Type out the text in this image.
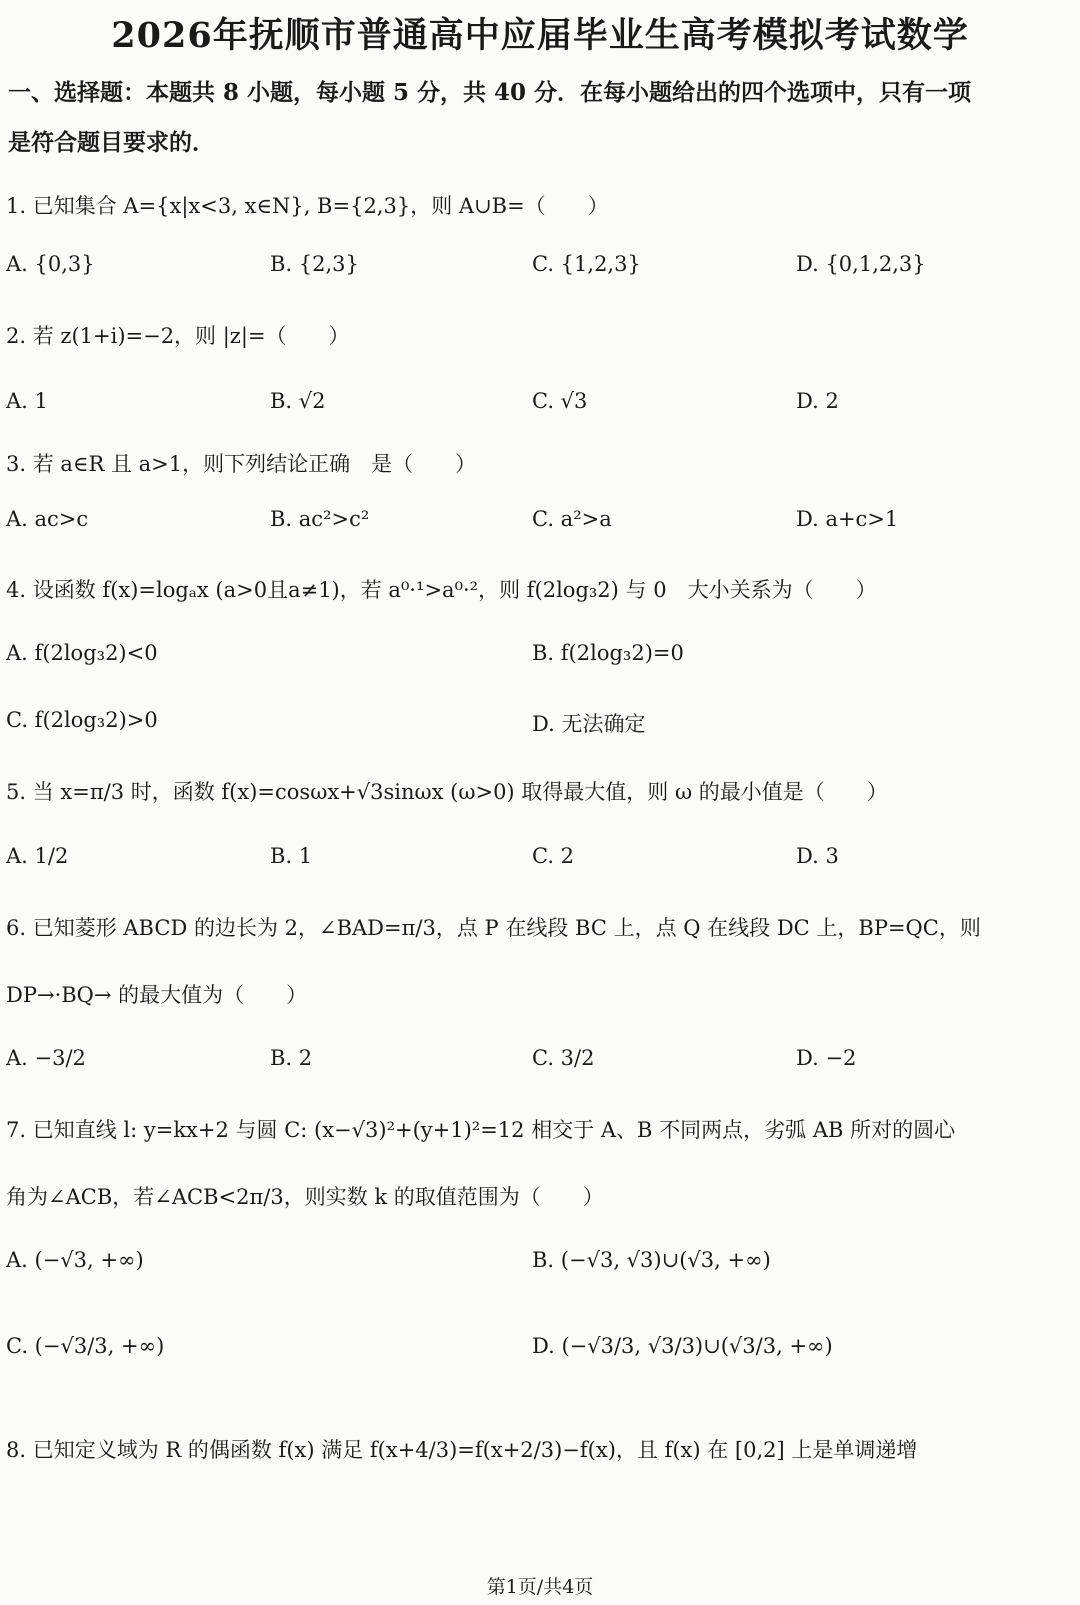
2026年抚顺市普通高中应届毕业生高考模拟考试数学
一、选择题：本题共 8 小题，每小题 5 分，共 40 分．在每小题给出的四个选项中，只有一项
是符合题目要求的．
1. 已知集合 A={x|x<3, x∈N}, B={2,3}，则 A∪B=（　　）
A. {0,3}	B. {2,3}	C. {1,2,3}	D. {0,1,2,3}
2. 若 z(1+i)=−2，则 |z|=（　　）
A. 1	B. √2	C. √3	D. 2
3. 若 a∈R 且 a>1，则下列结论正确　是（　　）
A. ac>c	B. ac²>c²	C. a²>a	D. a+c>1
4. 设函数 f(x)=logₐx (a>0且a≠1)，若 a⁰·¹>a⁰·²，则 f(2log₃2) 与 0　大小关系为（　　）
A. f(2log₃2)<0	B. f(2log₃2)=0
C. f(2log₃2)>0	D. 无法确定
5. 当 x=π/3 时，函数 f(x)=cosωx+√3sinωx (ω>0) 取得最大值，则 ω 的最小值是（　　）
A. 1/2	B. 1	C. 2	D. 3
6. 已知菱形 ABCD 的边长为 2，∠BAD=π/3，点 P 在线段 BC 上，点 Q 在线段 DC 上，BP=QC，则
DP→·BQ→ 的最大值为（　　）
A. −3/2	B. 2	C. 3/2	D. −2
7. 已知直线 l: y=kx+2 与圆 C: (x−√3)²+(y+1)²=12 相交于 A、B 不同两点，劣弧 AB 所对的圆心
角为∠ACB，若∠ACB<2π/3，则实数 k 的取值范围为（　　）
A. (−√3, +∞)	B. (−√3, √3)∪(√3, +∞)
C. (−√3/3, +∞)	D. (−√3/3, √3/3)∪(√3/3, +∞)
8. 已知定义域为 R 的偶函数 f(x) 满足 f(x+4/3)=f(x+2/3)−f(x)，且 f(x) 在 [0,2] 上是单调递增
第1页/共4页
